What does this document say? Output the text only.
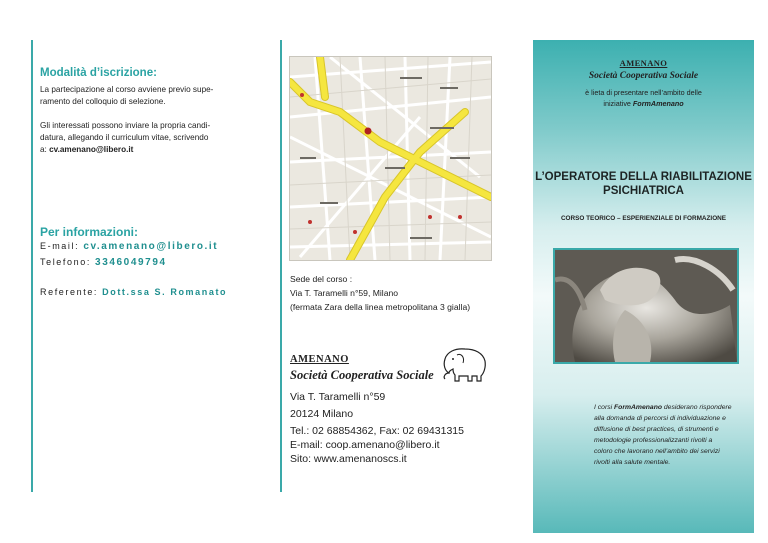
Modalità d’iscrizione:
La partecipazione al corso avviene previo supe-
ramento del colloquio di selezione.
Gli interessati possono inviare la propria candi-
datura, allegando il curriculum vitae, scrivendo
a: cv.amenano@libero.it
Per informazioni:
E-mail: cv.amenano@libero.it
Telefono: 3346049794
Referente: Dott.ssa S. Romanato
Sede del corso :
Via T. Taramelli n°59, Milano
(fermata Zara della linea metropolitana 3 gialla)
AMENANO
Società Cooperativa Sociale
Via T. Taramelli n°59
20124 Milano
Tel.: 02 68854362, Fax: 02 69431315
E-mail: coop.amenano@libero.it
Sito: www.amenanoscs.it
AMENANO
Società Cooperativa Sociale
è lieta di presentare nell’ambito delle
iniziative FormAmenano
L’OPERATORE DELLA RIABILITAZIONE
PSICHIATRICA
CORSO TEORICO – ESPERIENZIALE DI FORMAZIONE
I corsi FormAmenano desiderano rispondere
alla domanda di percorsi di individuazione e
diffusione di best practices, di strumenti e
metodologie professionalizzanti rivolti a
coloro che lavorano nell’ambito dei servizi
rivolti alla salute mentale.
